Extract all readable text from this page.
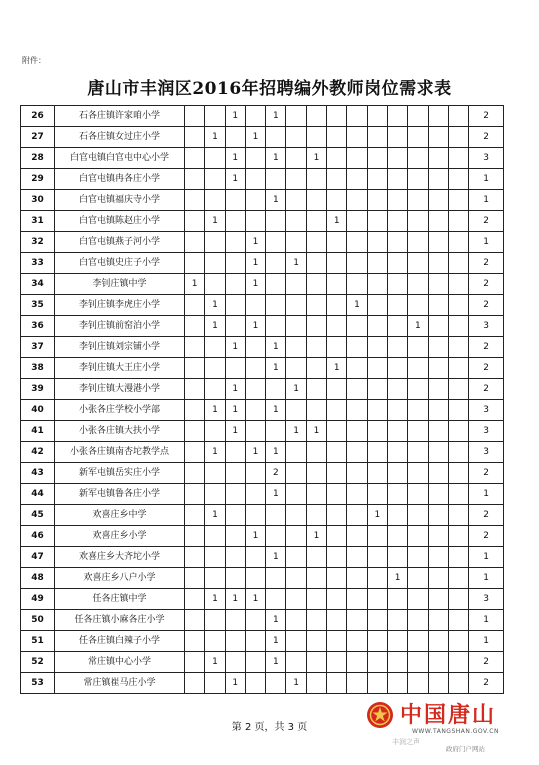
附件：
唐山市丰润区2016年招聘编外教师岗位需求表
26	石各庄镇许家咱小学			1		1										2
27	石各庄镇女过庄小学		1		1											2
28	白官屯镇白官屯中心小学			1		1		1								3
29	白官屯镇冉各庄小学			1												1
30	白官屯镇福庆寺小学					1										1
31	白官屯镇陈赵庄小学		1						1							2
32	白官屯镇燕子河小学				1											1
33	白官屯镇史庄子小学				1		1									2
34	李钊庄镇中学	1			1											2
35	李钊庄镇李虎庄小学		1							1						2
36	李钊庄镇前窑泊小学		1		1								1			3
37	李钊庄镇刘宗铺小学			1		1										2
38	李钊庄镇大王庄小学					1			1							2
39	李钊庄镇大漫港小学			1			1									2
40	小张各庄学校小学部		1	1		1										3
41	小张各庄镇大扶小学			1			1	1								3
42	小张各庄镇南杏坨教学点		1		1	1										3
43	新军屯镇岳实庄小学					2										2
44	新军屯镇鲁各庄小学					1										1
45	欢喜庄乡中学		1								1					2
46	欢喜庄乡小学				1			1								2
47	欢喜庄乡大齐坨小学					1										1
48	欢喜庄乡八户小学											1				1
49	任各庄镇中学		1	1	1											3
50	任各庄镇小麻各庄小学					1										1
51	任各庄镇白辣子小学					1										1
52	常庄镇中心小学		1			1										2
53	常庄镇崔马庄小学			1			1									2
第 2 页，共 3 页	中国唐山
WWW.TANGSHAN.GOV.CN
丰润之声
政府门户网站
